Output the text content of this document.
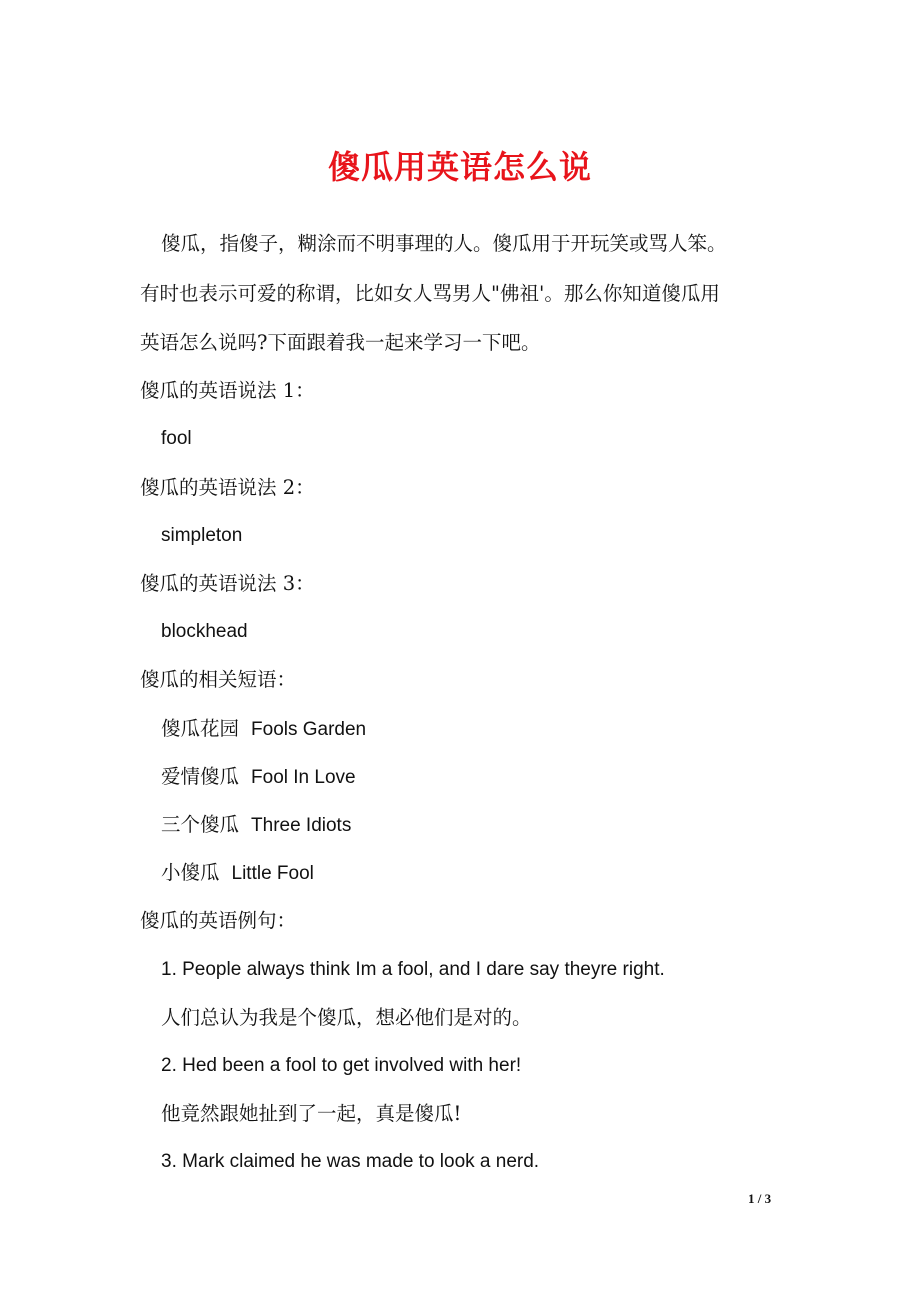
傻瓜用英语怎么说
傻瓜，指傻子，糊涂而不明事理的人。傻瓜用于开玩笑或骂人笨。
有时也表示可爱的称谓，比如女人骂男人"佛祖'。那么你知道傻瓜用
英语怎么说吗?下面跟着我一起来学习一下吧。
傻瓜的英语说法 1：
fool
傻瓜的英语说法 2：
simpleton
傻瓜的英语说法 3：
blockhead
傻瓜的相关短语：
傻瓜花园 Fools Garden
爱情傻瓜 Fool In Love
三个傻瓜 Three Idiots
小傻瓜 Little Fool
傻瓜的英语例句：
1. People always think Im a fool, and I dare say theyre right.
人们总认为我是个傻瓜，想必他们是对的。
2. Hed been a fool to get involved with her!
他竟然跟她扯到了一起，真是傻瓜!
3. Mark claimed he was made to look a nerd.
1 / 3
